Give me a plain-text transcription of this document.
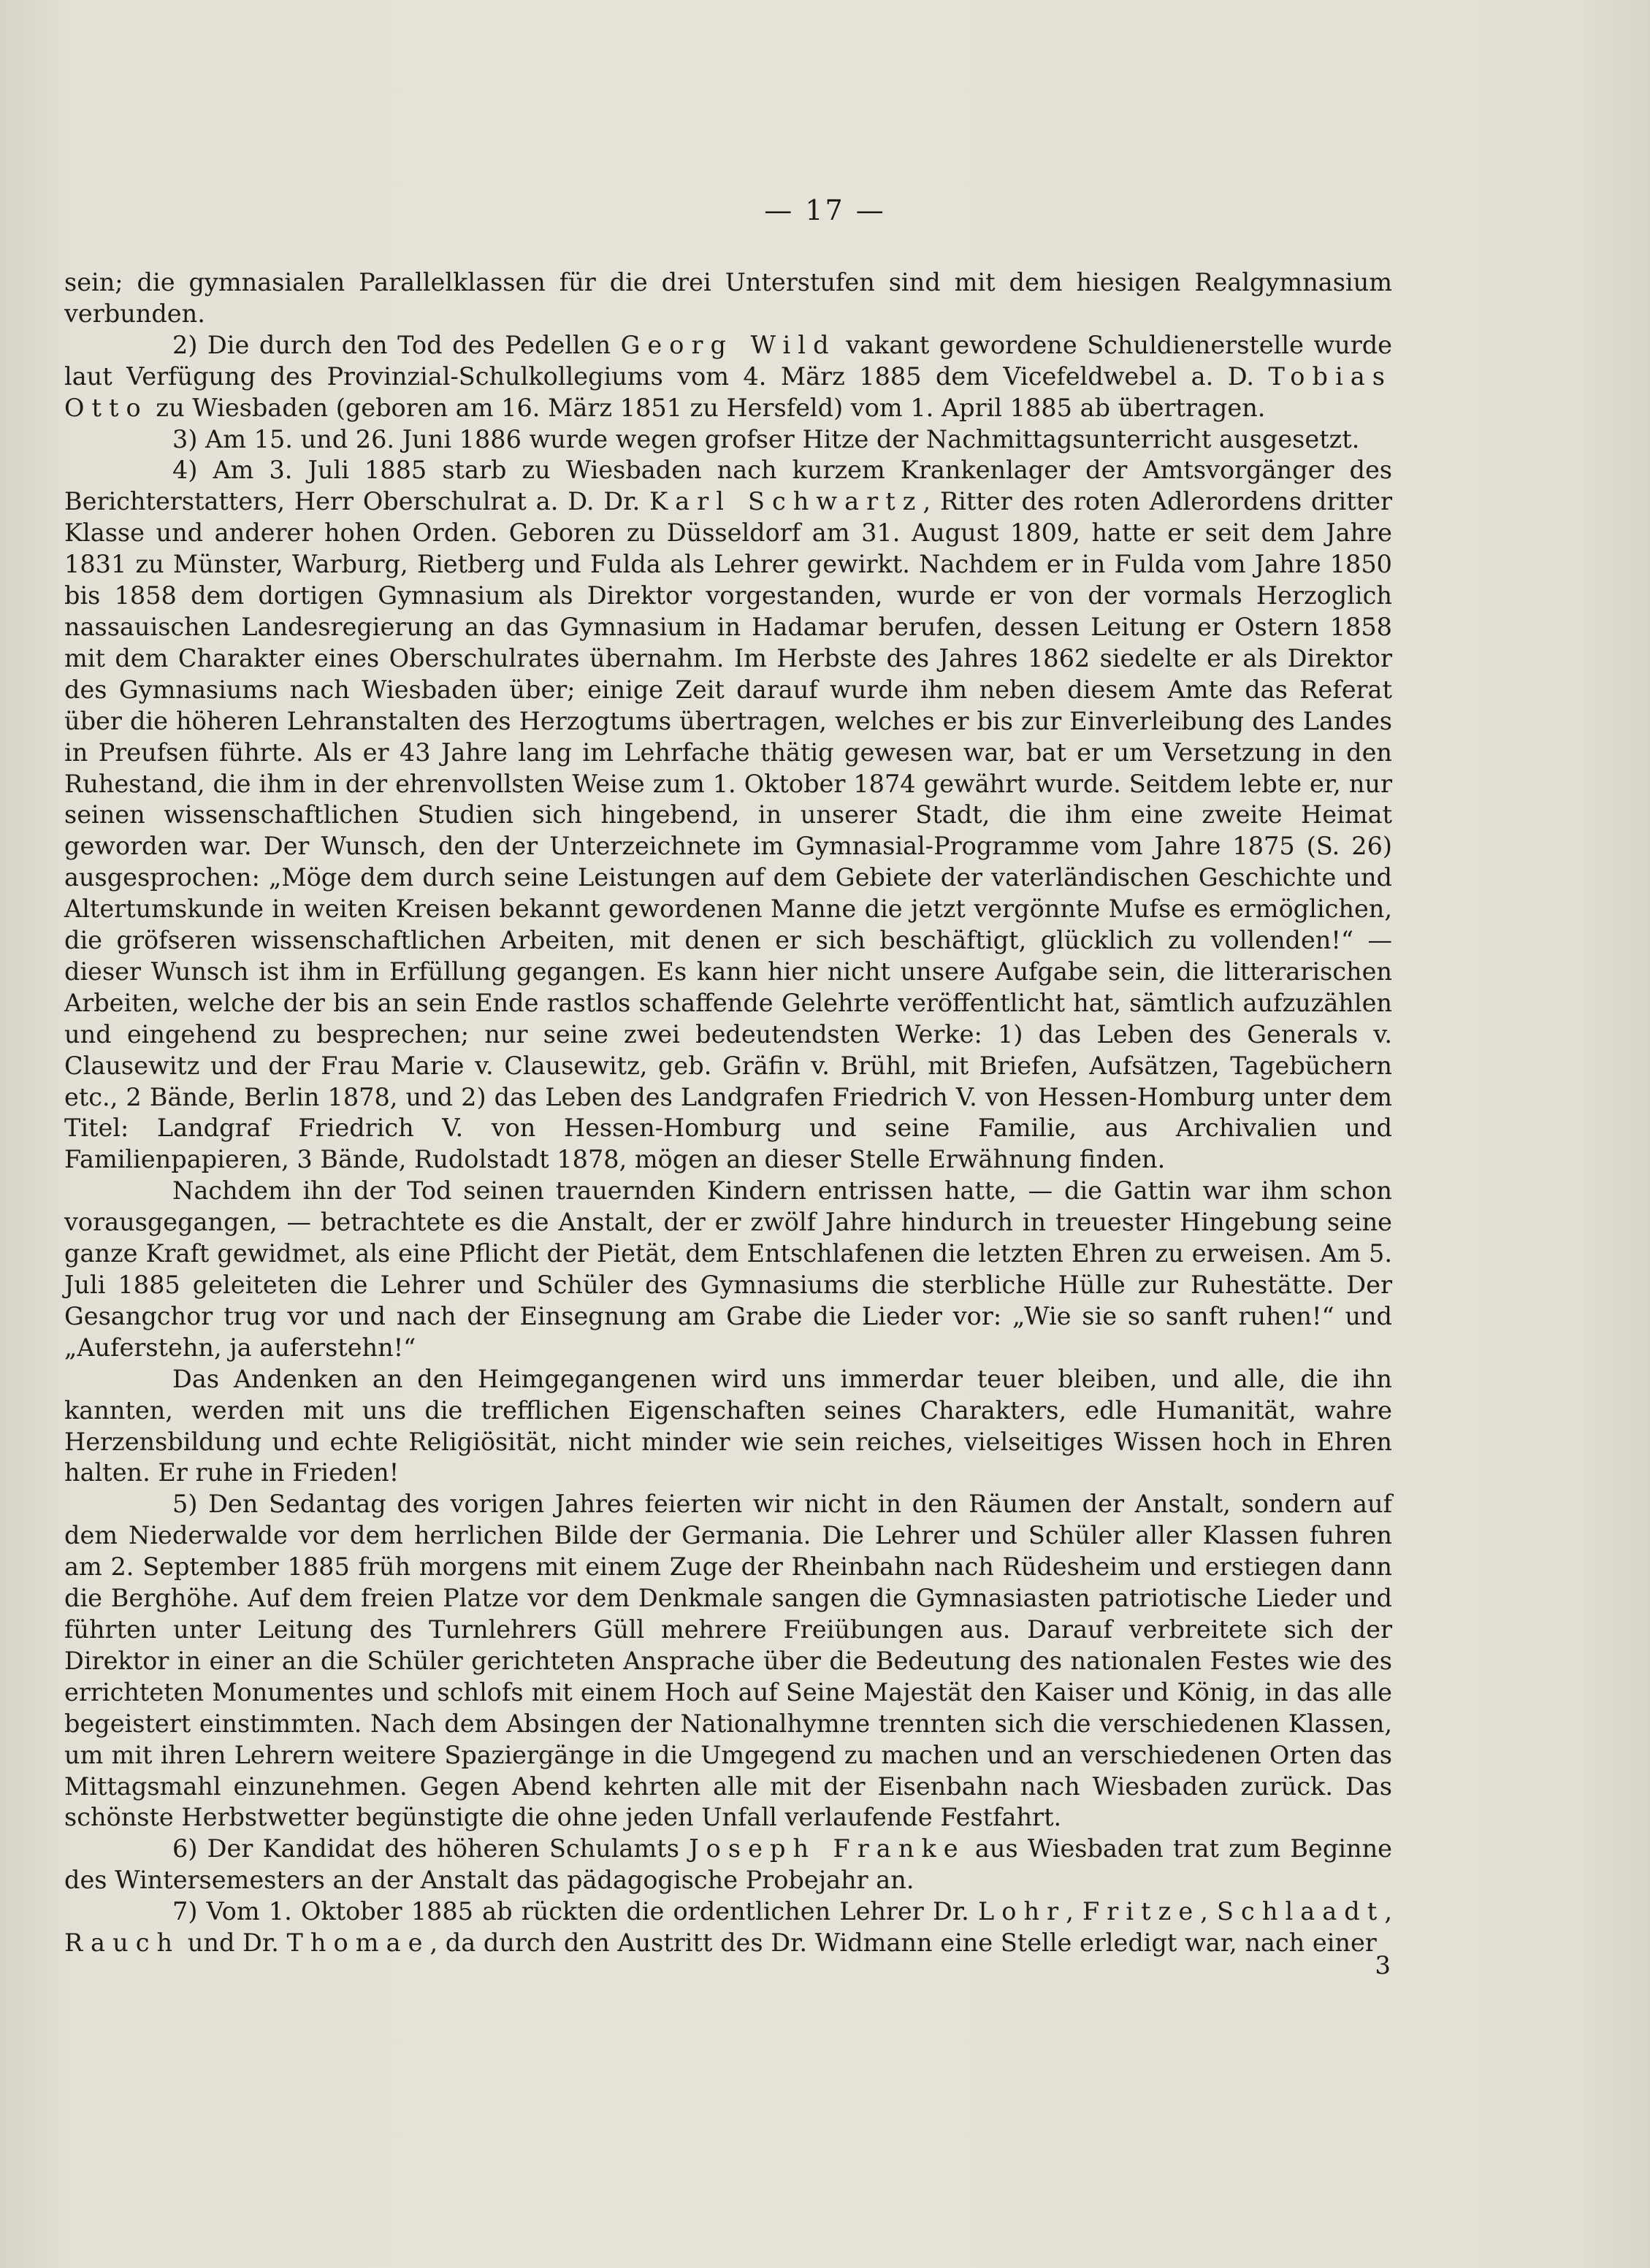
— 17 —

sein; die gymnasialen Parallelklassen für die drei Unterstufen sind mit dem hiesigen Realgymnasium verbunden.

2) Die durch den Tod des Pedellen Georg Wild vakant gewordene Schuldienerstelle wurde laut Verfügung des Provinzial-Schulkollegiums vom 4. März 1885 dem Vicefeldwebel a. D. Tobias Otto zu Wiesbaden (geboren am 16. März 1851 zu Hersfeld) vom 1. April 1885 ab übertragen.

3) Am 15. und 26. Juni 1886 wurde wegen grofser Hitze der Nachmittagsunterricht ausgesetzt.

4) Am 3. Juli 1885 starb zu Wiesbaden nach kurzem Krankenlager der Amtsvorgänger des Berichterstatters, Herr Oberschulrat a. D. Dr. Karl Schwartz, Ritter des roten Adlerordens dritter Klasse und anderer hohen Orden. Geboren zu Düsseldorf am 31. August 1809, hatte er seit dem Jahre 1831 zu Münster, Warburg, Rietberg und Fulda als Lehrer gewirkt. Nachdem er in Fulda vom Jahre 1850 bis 1858 dem dortigen Gymnasium als Direktor vorgestanden, wurde er von der vormals Herzoglich nassauischen Landesregierung an das Gymnasium in Hadamar berufen, dessen Leitung er Ostern 1858 mit dem Charakter eines Oberschulrates übernahm. Im Herbste des Jahres 1862 siedelte er als Direktor des Gymnasiums nach Wiesbaden über; einige Zeit darauf wurde ihm neben diesem Amte das Referat über die höheren Lehranstalten des Herzogtums übertragen, welches er bis zur Einverleibung des Landes in Preufsen führte. Als er 43 Jahre lang im Lehrfache thätig gewesen war, bat er um Versetzung in den Ruhestand, die ihm in der ehrenvollsten Weise zum 1. Oktober 1874 gewährt wurde. Seitdem lebte er, nur seinen wissenschaftlichen Studien sich hingebend, in unserer Stadt, die ihm eine zweite Heimat geworden war. Der Wunsch, den der Unterzeichnete im Gymnasial-Programme vom Jahre 1875 (S. 26) ausgesprochen: „Möge dem durch seine Leistungen auf dem Gebiete der vaterländischen Geschichte und Altertumskunde in weiten Kreisen bekannt gewordenen Manne die jetzt vergönnte Mufse es ermöglichen, die gröfseren wissenschaftlichen Arbeiten, mit denen er sich beschäftigt, glücklich zu vollenden!“ — dieser Wunsch ist ihm in Erfüllung gegangen. Es kann hier nicht unsere Aufgabe sein, die litterarischen Arbeiten, welche der bis an sein Ende rastlos schaffende Gelehrte veröffentlicht hat, sämtlich aufzuzählen und eingehend zu besprechen; nur seine zwei bedeutendsten Werke: 1) das Leben des Generals v. Clausewitz und der Frau Marie v. Clausewitz, geb. Gräfin v. Brühl, mit Briefen, Aufsätzen, Tagebüchern etc., 2 Bände, Berlin 1878, und 2) das Leben des Landgrafen Friedrich V. von Hessen-Homburg unter dem Titel: Landgraf Friedrich V. von Hessen-Homburg und seine Familie, aus Archivalien und Familienpapieren, 3 Bände, Rudolstadt 1878, mögen an dieser Stelle Erwähnung finden.

Nachdem ihn der Tod seinen trauernden Kindern entrissen hatte, — die Gattin war ihm schon vorausgegangen, — betrachtete es die Anstalt, der er zwölf Jahre hindurch in treuester Hingebung seine ganze Kraft gewidmet, als eine Pflicht der Pietät, dem Entschlafenen die letzten Ehren zu erweisen. Am 5. Juli 1885 geleiteten die Lehrer und Schüler des Gymnasiums die sterbliche Hülle zur Ruhestätte. Der Gesangchor trug vor und nach der Einsegnung am Grabe die Lieder vor: „Wie sie so sanft ruhen!“ und „Auferstehn, ja auferstehn!“

Das Andenken an den Heimgegangenen wird uns immerdar teuer bleiben, und alle, die ihn kannten, werden mit uns die trefflichen Eigenschaften seines Charakters, edle Humanität, wahre Herzensbildung und echte Religiösität, nicht minder wie sein reiches, vielseitiges Wissen hoch in Ehren halten. Er ruhe in Frieden!

5) Den Sedantag des vorigen Jahres feierten wir nicht in den Räumen der Anstalt, sondern auf dem Niederwalde vor dem herrlichen Bilde der Germania. Die Lehrer und Schüler aller Klassen fuhren am 2. September 1885 früh morgens mit einem Zuge der Rheinbahn nach Rüdesheim und erstiegen dann die Berghöhe. Auf dem freien Platze vor dem Denkmale sangen die Gymnasiasten patriotische Lieder und führten unter Leitung des Turnlehrers Güll mehrere Freiübungen aus. Darauf verbreitete sich der Direktor in einer an die Schüler gerichteten Ansprache über die Bedeutung des nationalen Festes wie des errichteten Monumentes und schlofs mit einem Hoch auf Seine Majestät den Kaiser und König, in das alle begeistert einstimmten. Nach dem Absingen der Nationalhymne trennten sich die verschiedenen Klassen, um mit ihren Lehrern weitere Spaziergänge in die Umgegend zu machen und an verschiedenen Orten das Mittagsmahl einzunehmen. Gegen Abend kehrten alle mit der Eisenbahn nach Wiesbaden zurück. Das schönste Herbstwetter begünstigte die ohne jeden Unfall verlaufende Festfahrt.

6) Der Kandidat des höheren Schulamts Joseph Franke aus Wiesbaden trat zum Beginne des Wintersemesters an der Anstalt das pädagogische Probejahr an.

7) Vom 1. Oktober 1885 ab rückten die ordentlichen Lehrer Dr. Lohr, Fritze, Schlaadt, Rauch und Dr. Thomae, da durch den Austritt des Dr. Widmann eine Stelle erledigt war, nach einer

3
